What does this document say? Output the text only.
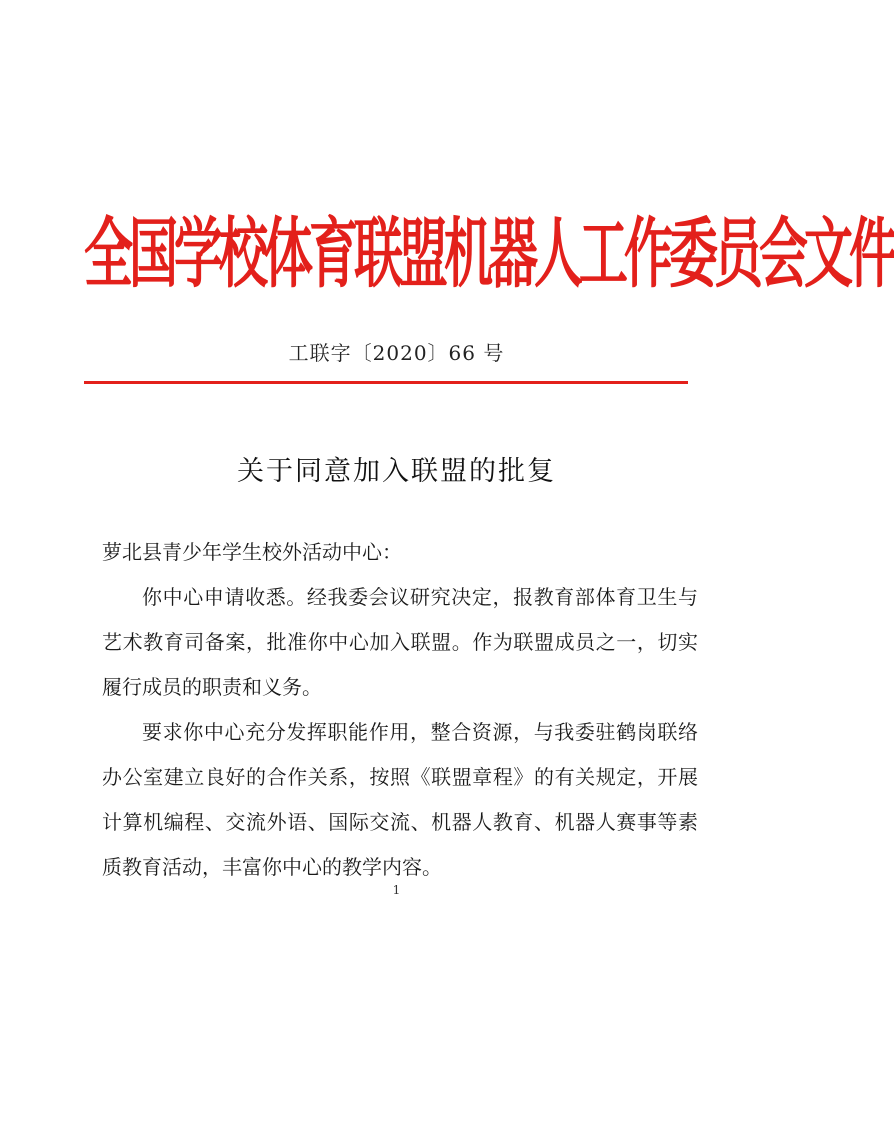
全国学校体育联盟机器人工作委员会文件
工联字〔2020〕66 号
关于同意加入联盟的批复

萝北县青少年学生校外活动中心：

你中心申请收悉。经我委会议研究决定，报教育部体育卫生与艺术教育司备案，批准你中心加入联盟。作为联盟成员之一，切实履行成员的职责和义务。

要求你中心充分发挥职能作用，整合资源，与我委驻鹤岗联络办公室建立良好的合作关系，按照《联盟章程》的有关规定，开展计算机编程、交流外语、国际交流、机器人教育、机器人赛事等素质教育活动，丰富你中心的教学内容。

1
